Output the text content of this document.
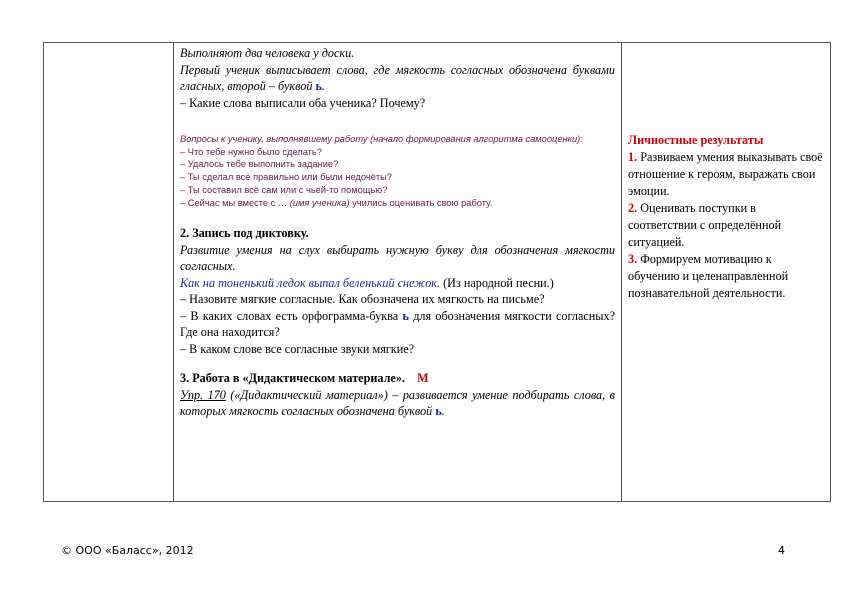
Выполняют два человека у доски.

Первый ученик выписывает слова, где мягкость согласных обозначена буквами гласных, второй – буквой ь.

– Какие слова выписали оба ученика? Почему?

Вопросы к ученику, выполнявшему работу (начало формирования алгоритма самооценки):

– Что тебе нужно было сделать?

– Удалось тебе выполнить задание?

– Ты сделал всё правильно или были недочёты?

– Ты составил всё сам или с чьей-то помощью?

– Сейчас мы вместе с … (имя ученика) учились оценивать свою работу.

2. Запись под диктовку.

Развитие умения на слух выбирать нужную букву для обозначения мягкости согласных.

Как на тоненький ледок выпал беленький снежок. (Из народной песни.)

– Назовите мягкие согласные. Как обозначена их мягкость на письме?

– В каких словах есть орфограмма-буква ь для обозначения мягкости согласных? Где она находится?

– В каком слове все согласные звуки мягкие?

3. Работа в «Дидактическом материале». М

Упр. 170 («Дидактический материал») – развивается умение подбирать слова, в которых мягкость согласных обозначена буквой ь.

Личностные результаты

1. Развиваем умения выказывать своё отношение к героям, выражать свои эмоции.

2. Оценивать поступки в соответствии с определённой ситуацией.

3. Формируем мотивацию к обучению и целенаправленной познавательной деятельности.

© ООО «Баласс», 2012	4
